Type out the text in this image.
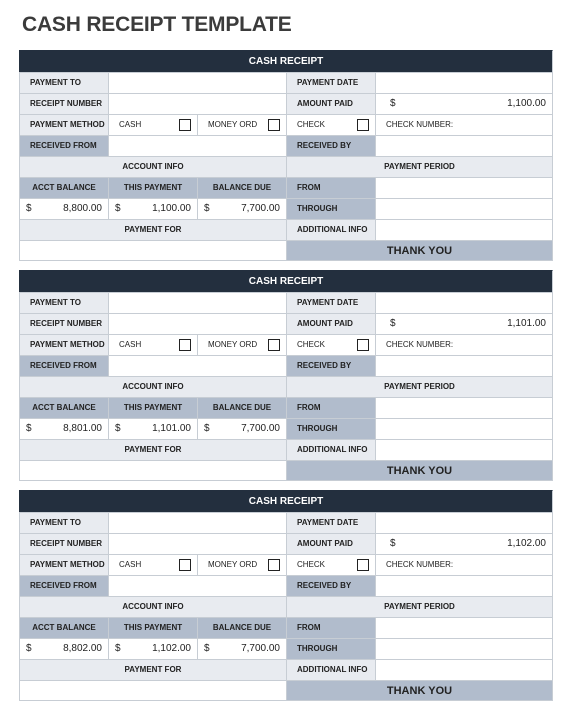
CASH RECEIPT TEMPLATE
CASH RECEIPT
PAYMENT TO	PAYMENT DATE
RECEIPT NUMBER	AMOUNT PAID	$	1,100.00
PAYMENT METHOD	CASH	MONEY ORD	CHECK	CHECK NUMBER:
RECEIVED FROM	RECEIVED BY
ACCOUNT INFO	PAYMENT PERIOD
ACCT BALANCE	THIS PAYMENT	BALANCE DUE	FROM
$	8,800.00 $	1,100.00 $	7,700.00	THROUGH
PAYMENT FOR	ADDITIONAL INFO
THANK YOU
CASH RECEIPT
PAYMENT TO	PAYMENT DATE
RECEIPT NUMBER	AMOUNT PAID	$	1,101.00
PAYMENT METHOD	CASH	MONEY ORD	CHECK	CHECK NUMBER:
RECEIVED FROM	RECEIVED BY
ACCOUNT INFO	PAYMENT PERIOD
ACCT BALANCE	THIS PAYMENT	BALANCE DUE	FROM
$	8,801.00 $	1,101.00 $	7,700.00	THROUGH
PAYMENT FOR	ADDITIONAL INFO
THANK YOU
CASH RECEIPT
PAYMENT TO	PAYMENT DATE
RECEIPT NUMBER	AMOUNT PAID	$	1,102.00
PAYMENT METHOD	CASH	MONEY ORD	CHECK	CHECK NUMBER:
RECEIVED FROM	RECEIVED BY
ACCOUNT INFO	PAYMENT PERIOD
ACCT BALANCE	THIS PAYMENT	BALANCE DUE	FROM
$	8,802.00 $	1,102.00 $	7,700.00	THROUGH
PAYMENT FOR	ADDITIONAL INFO
THANK YOU
